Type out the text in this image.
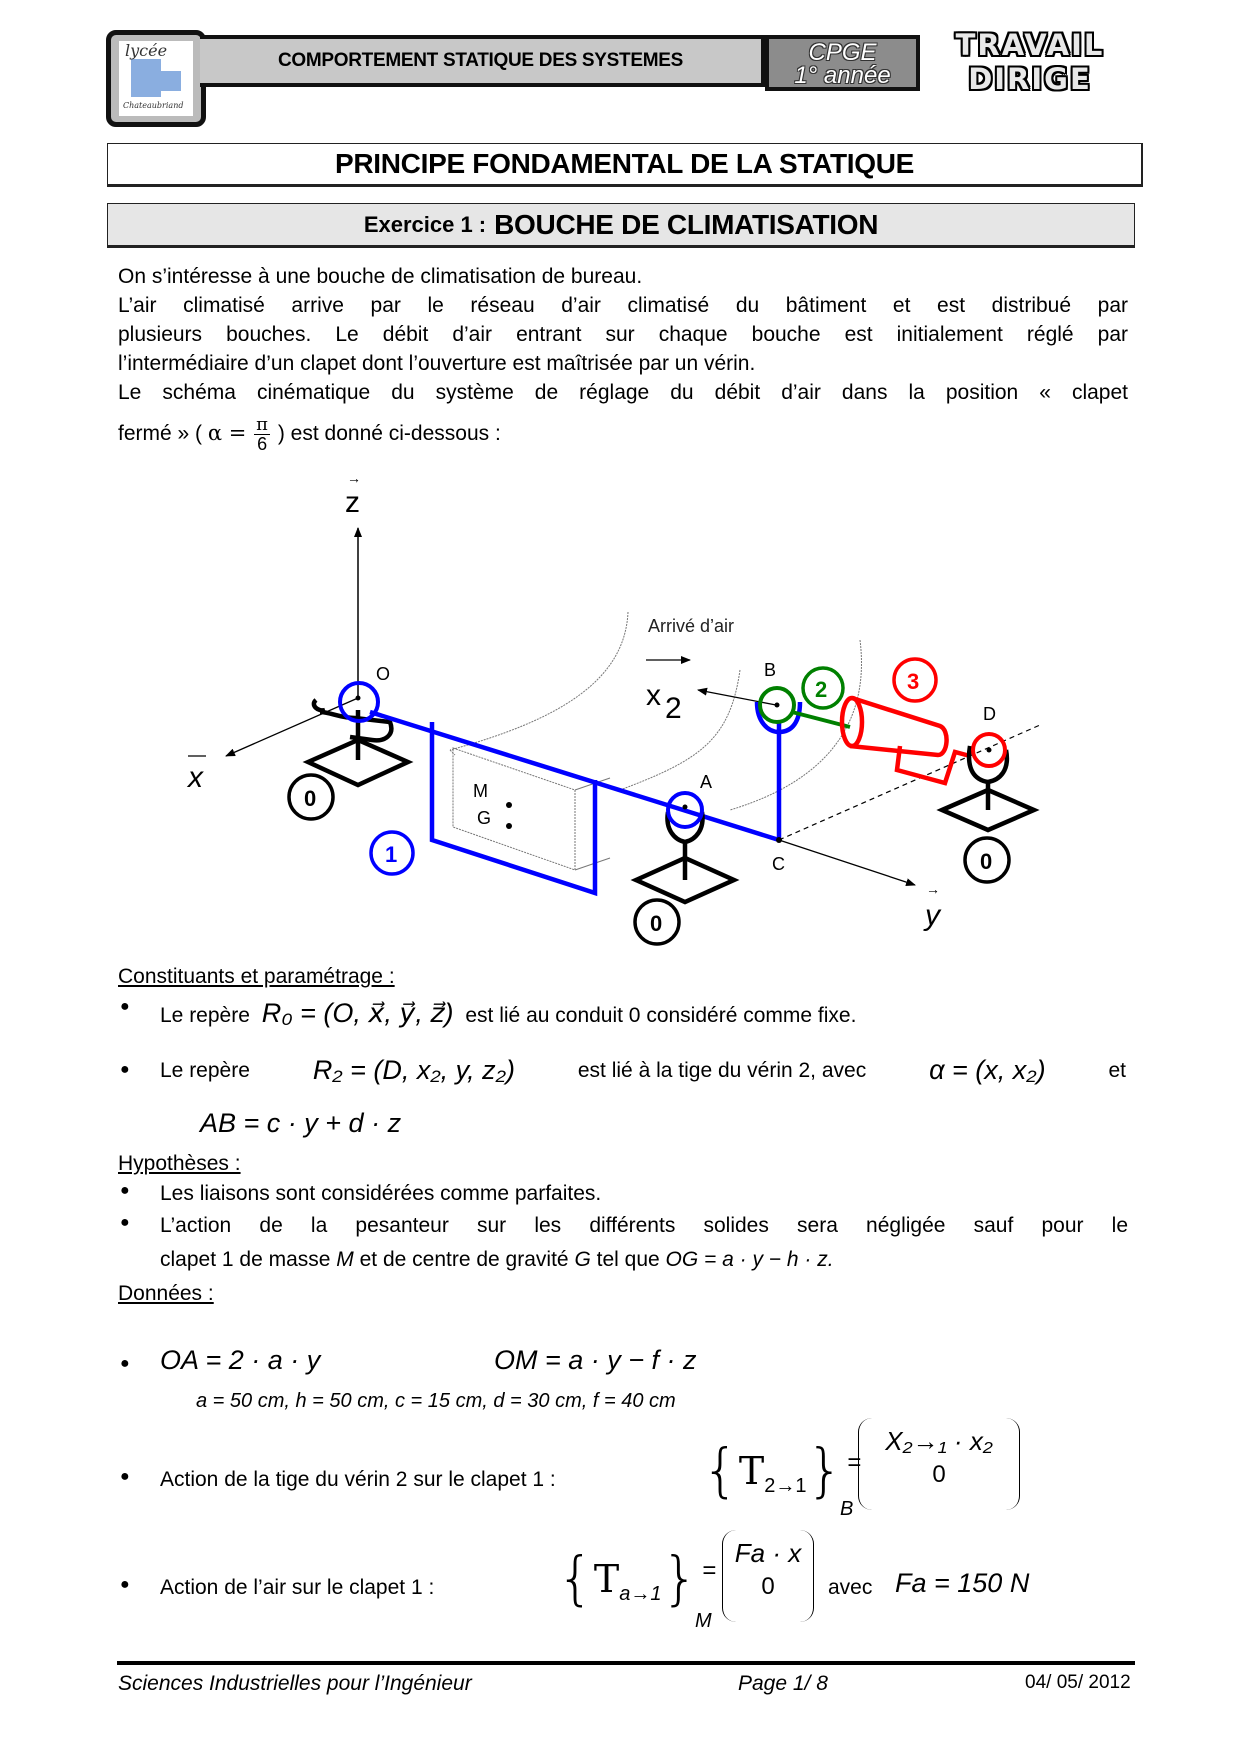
lycée
Chateaubriand
COMPORTEMENT STATIQUE DES SYSTEMES	CPGE
1° année
TRAVAIL
DIRIGE
PRINCIPE FONDAMENTAL DE LA STATIQUE
Exercice 1 : BOUCHE DE CLIMATISATION
On s’intéresse à une bouche de climatisation de bureau.
L’air climatisé arrive par le réseau d’air climatisé du bâtiment et est distribué par
plusieurs bouches. Le débit d’air entrant sur chaque bouche est initialement réglé par
l’intermédiaire d’un clapet dont l’ouverture est maîtrisée par un vérin.
Le schéma cinématique du système de réglage du débit d’air dans la position « clapet
fermé » ( $\alpha = \frac{\pi}{6}$ ) est donné ci-dessous :
z
→
x
y
→
x 2
Arrivé d’air
O
C
M
G
A
0
B
2	3
D
0
0
1
Constituants et paramétrage :
● Le repère R₀ = (O, x⃗, y⃗, z⃗) est lié au conduit 0 considéré comme fixe.
● Le repère R₂ = (D, x₂, y, z₂)	est lié à la tige du vérin 2, avec α = (x, x₂)	et
AB = c · y + d · z
Hypothèses :
● Les liaisons sont considérées comme parfaites.
● L’action de la pesanteur sur les différents solides sera négligée sauf pour le
clapet 1 de masse M et de centre de gravité G tel que OG = a · y − h · z.
Données :
● OA = 2 · a · y	OM = a · y − f · z
a = 50 cm, h = 50 cm, c = 15 cm, d = 30 cm, f = 40 cm
● Action de la tige du vérin 2 sur le clapet 1 :	$\{T_{2\to 1}\}$ =
B
X₂→₁ · x₂
0
● Action de l’air sur le clapet 1 : $\{T_{a\to 1}\}$ =
M
Fa · x
0	avec Fa = 150 N
Sciences Industrielles pour l’Ingénieur	Page 1/ 8	04/ 05/ 2012
